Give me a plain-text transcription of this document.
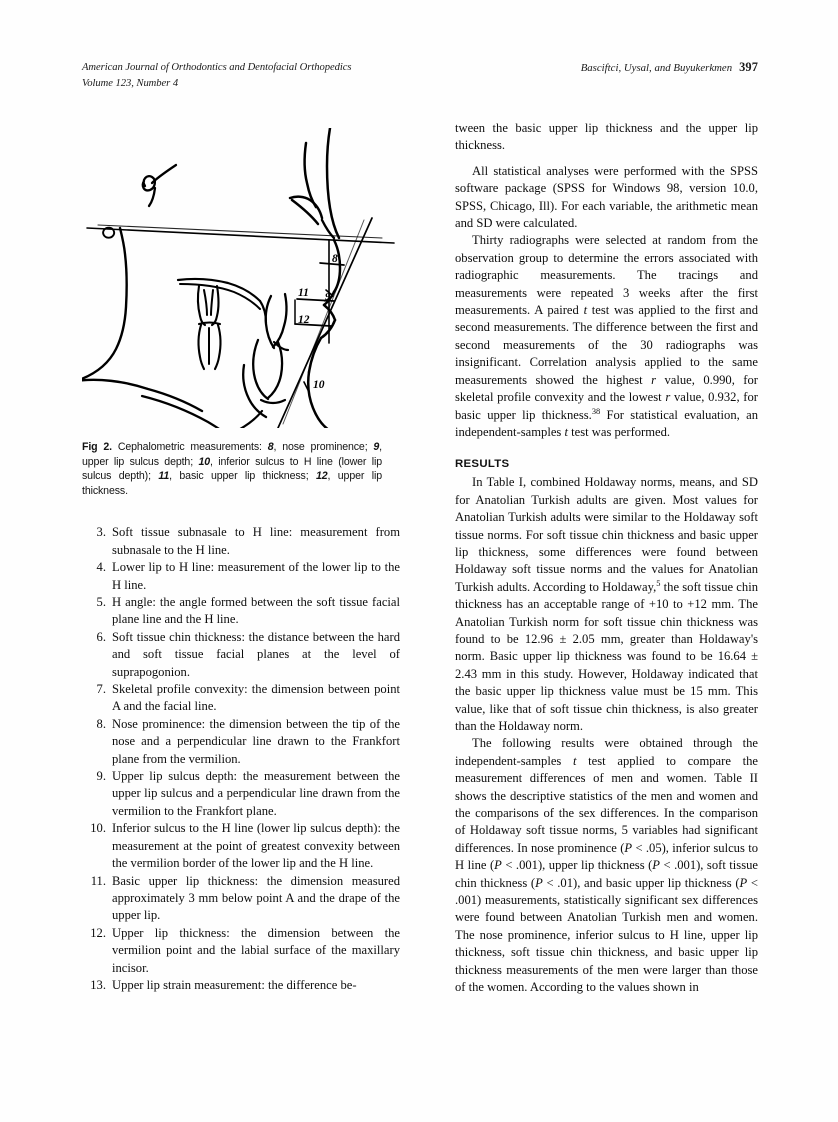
American Journal of Orthodontics and Dentofacial Orthopedics
Volume 123, Number 4
Basciftci, Uysal, and Buyukerkmen 397
8
9
10
11
12
Fig 2. Cephalometric measurements: 8, nose prominence; 9, upper lip sulcus depth; 10, inferior sulcus to H line (lower lip sulcus depth); 11, basic upper lip thickness; 12, upper lip thickness.
3. Soft tissue subnasale to H line: measurement from subnasale to the H line.
4. Lower lip to H line: measurement of the lower lip to the H line.
5. H angle: the angle formed between the soft tissue facial plane line and the H line.
6. Soft tissue chin thickness: the distance between the hard and soft tissue facial planes at the level of suprapogonion.
7. Skeletal profile convexity: the dimension between point A and the facial line.
8. Nose prominence: the dimension between the tip of the nose and a perpendicular line drawn to the Frankfort plane from the vermilion.
9. Upper lip sulcus depth: the measurement between the upper lip sulcus and a perpendicular line drawn from the vermilion to the Frankfort plane.
10. Inferior sulcus to the H line (lower lip sulcus depth): the measurement at the point of greatest convexity between the vermilion border of the lower lip and the H line.
11. Basic upper lip thickness: the dimension measured approximately 3 mm below point A and the drape of the upper lip.
12. Upper lip thickness: the dimension between the vermilion point and the labial surface of the maxillary incisor.
13. Upper lip strain measurement: the difference be-

tween the basic upper lip thickness and the upper lip thickness.

All statistical analyses were performed with the SPSS software package (SPSS for Windows 98, version 10.0, SPSS, Chicago, Ill). For each variable, the arithmetic mean and SD were calculated.

Thirty radiographs were selected at random from the observation group to determine the errors associated with radiographic measurements. The tracings and measurements were repeated 3 weeks after the first measurements. A paired t test was applied to the first and second measurements. The difference between the first and second measurements of the 30 radiographs was insignificant. Correlation analysis applied to the same measurements showed the highest r value, 0.990, for skeletal profile convexity and the lowest r value, 0.932, for basic upper lip thickness.$^{38}$ For statistical evaluation, an independent-samples t test was performed.

RESULTS

In Table I, combined Holdaway norms, means, and SD for Anatolian Turkish adults are given. Most values for Anatolian Turkish adults were similar to the Holdaway soft tissue norms. For soft tissue chin thickness and basic upper lip thickness, some differences were found between Holdaway soft tissue norms and the values for Anatolian Turkish adults. According to Holdaway,$^5$ the soft tissue chin thickness has an acceptable range of +10 to +12 mm. The Anatolian Turkish norm for soft tissue chin thickness was found to be 12.96 ± 2.05 mm, greater than Holdaway's norm. Basic upper lip thickness was found to be 16.64 ± 2.43 mm in this study. However, Holdaway indicated that the basic upper lip thickness value must be 15 mm. This value, like that of soft tissue chin thickness, is also greater than the Holdaway norm.

The following results were obtained through the independent-samples t test applied to compare the measurement differences of men and women. Table II shows the descriptive statistics of the men and women and the comparisons of the sex differences. In the comparison of Holdaway soft tissue norms, 5 variables had significant differences. In nose prominence (P < .05), inferior sulcus to H line (P < .001), upper lip thickness (P < .001), soft tissue chin thickness (P < .01), and basic upper lip thickness (P < .001) measurements, statistically significant sex differences were found between Anatolian Turkish men and women. The nose prominence, inferior sulcus to H line, upper lip thickness, soft tissue chin thickness, and basic upper lip thickness measurements of the men were larger than those of the women. According to the values shown in
